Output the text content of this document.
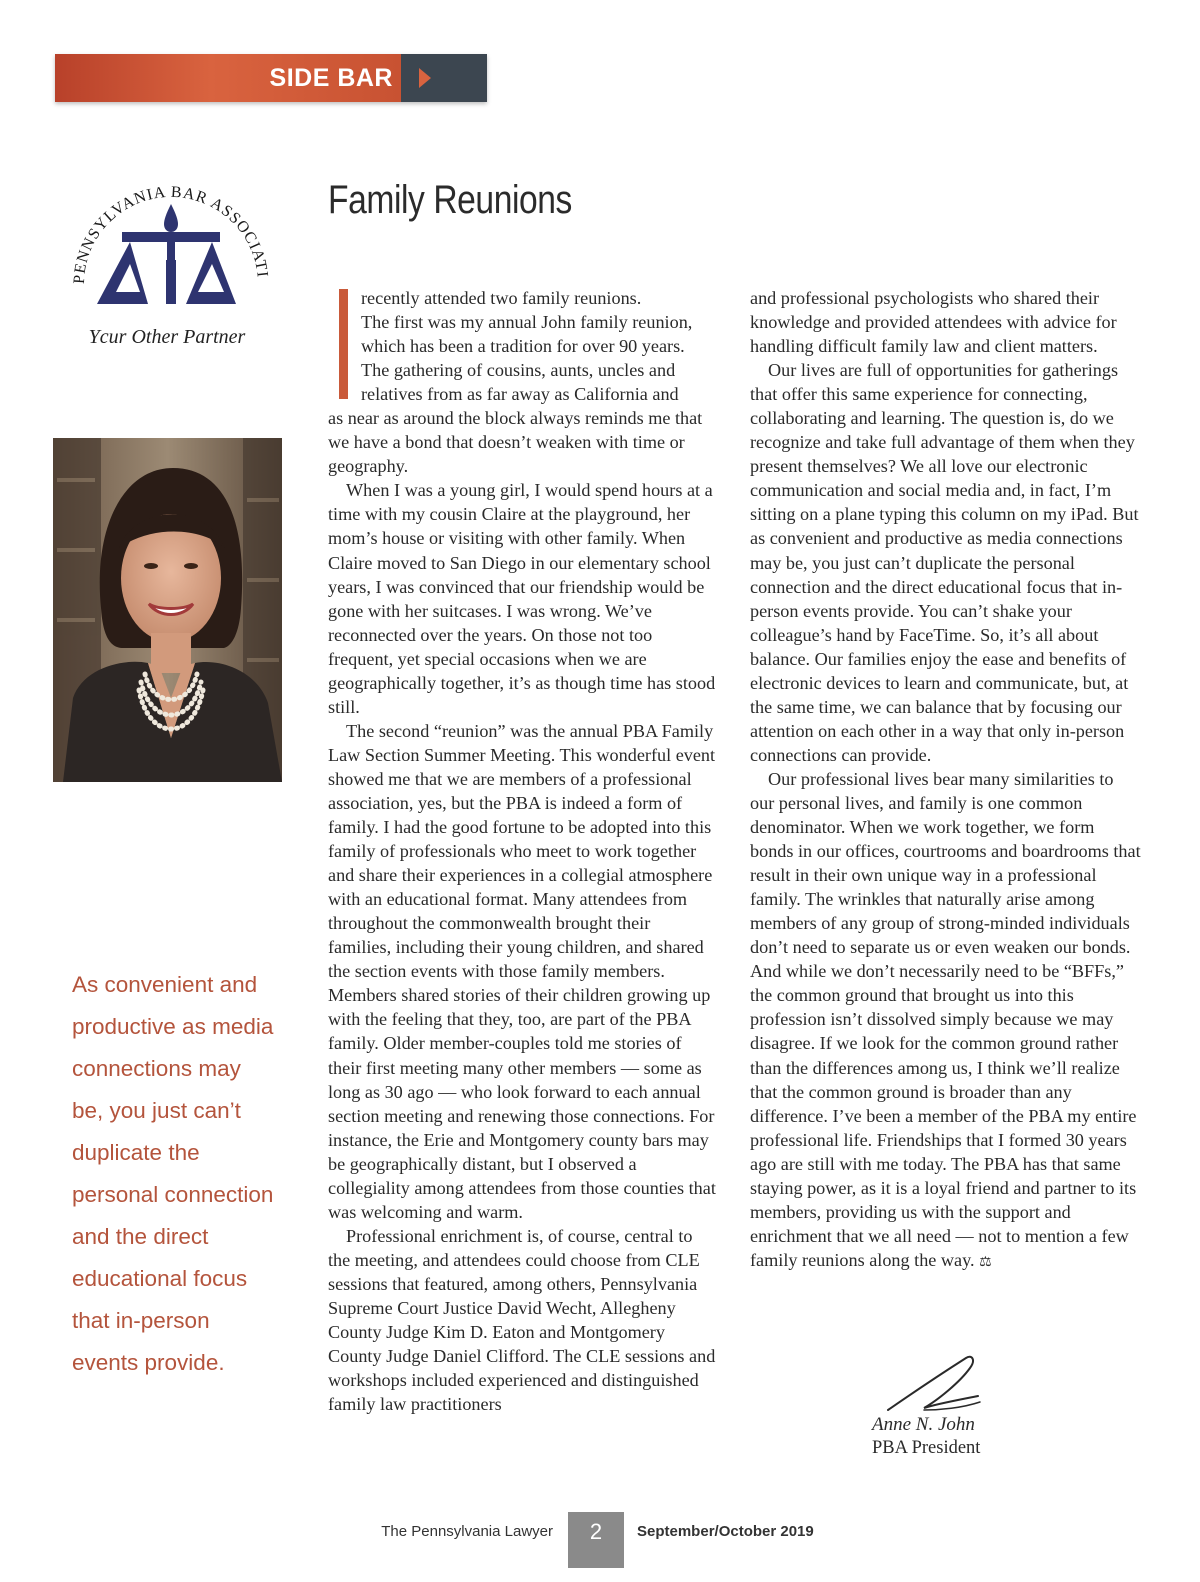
SIDE BAR
PENNSYLVANIA BAR ASSOCIATI
Ycur Other Partner
As convenient and
productive as media
connections may
be, you just can’t
duplicate the
personal connection
and the direct
educational focus
that in-person
events provide.
Family Reunions

recently attended two family reunions.
The first was my annual John family reunion,
which has been a tradition for over 90 years.
The gathering of cousins, aunts, uncles and
relatives from as far away as California and
as near as around the block always reminds me that we have a bond that doesn’t weaken with time or geography.

When I was a young girl, I would spend hours at a time with my cousin Claire at the playground, her mom’s house or visiting with other family. When Claire moved to San Diego in our elementary school years, I was convinced that our friendship would be gone with her suitcases. I was wrong. We’ve reconnected over the years. On those not too frequent, yet special occasions when we are geographically together, it’s as though time has stood still.

The second “reunion” was the annual PBA Family Law Section Summer Meeting. This wonderful event showed me that we are members of a professional association, yes, but the PBA is indeed a form of family. I had the good fortune to be adopted into this family of professionals who meet to work together and share their experiences in a collegial atmosphere with an educational format. Many attendees from throughout the commonwealth brought their families, including their young children, and shared the section events with those family members. Members shared stories of their children growing up with the feeling that they, too, are part of the PBA family. Older member-couples told me stories of their first meeting many other members — some as long as 30 ago — who look forward to each annual section meeting and renewing those connections. For instance, the Erie and Montgomery county bars may be geographically distant, but I observed a collegiality among attendees from those counties that was welcoming and warm.

Professional enrichment is, of course, central to the meeting, and attendees could choose from CLE sessions that featured, among others, Pennsylvania Supreme Court Justice David Wecht, Allegheny County Judge Kim D. Eaton and Montgomery County Judge Daniel Clifford. The CLE sessions and workshops included experienced and distinguished family law practitioners

and professional psychologists who shared their knowledge and provided attendees with advice for handling difficult family law and client matters.

Our lives are full of opportunities for gatherings that offer this same experience for connecting, collaborating and learning. The question is, do we recognize and take full advantage of them when they present themselves? We all love our electronic communication and social media and, in fact, I’m sitting on a plane typing this column on my iPad. But as convenient and productive as media connections may be, you just can’t duplicate the personal connection and the direct educational focus that in-person events provide. You can’t shake your colleague’s hand by FaceTime. So, it’s all about balance. Our families enjoy the ease and benefits of electronic devices to learn and communicate, but, at the same time, we can balance that by focusing our attention on each other in a way that only in-person connections can provide.

Our professional lives bear many similarities to our personal lives, and family is one common denominator. When we work together, we form bonds in our offices, courtrooms and boardrooms that result in their own unique way in a professional family. The wrinkles that naturally arise among members of any group of strong-minded individuals don’t need to separate us or even weaken our bonds. And while we don’t necessarily need to be “BFFs,” the common ground that brought us into this profession isn’t dissolved simply because we may disagree. If we look for the common ground rather than the differences among us, I think we’ll realize that the common ground is broader than any difference. I’ve been a member of the PBA my entire professional life. Friendships that I formed 30 years ago are still with me today. The PBA has that same staying power, as it is a loyal friend and partner to its members, providing us with the support and enrichment that we all need — not to mention a few family reunions along the way. ⚖

Anne N. John
PBA President
The Pennsylvania Lawyer	2	September/October 2019
